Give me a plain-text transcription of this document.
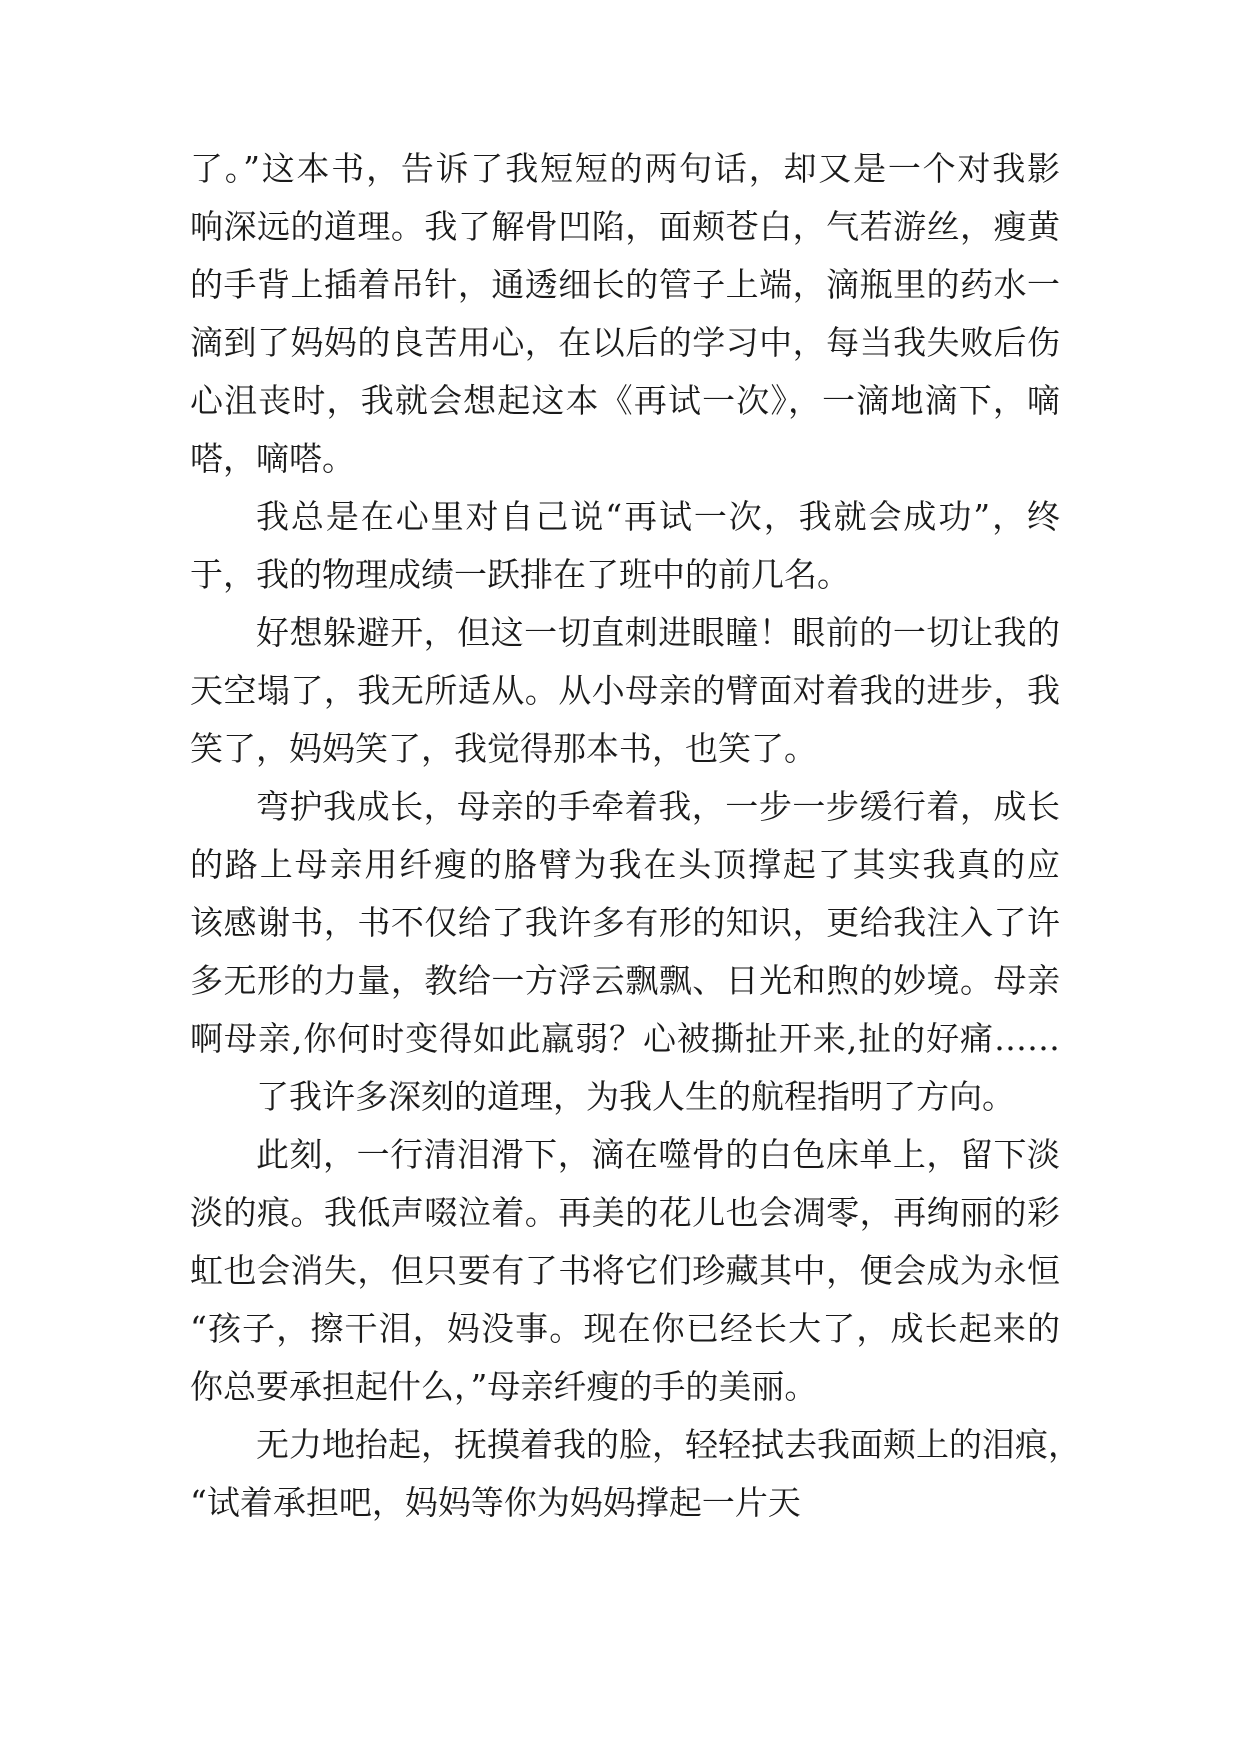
了。”这本书，告诉了我短短的两句话，却又是一个对我影
响深远的道理。我了解骨凹陷，面颊苍白，气若游丝，瘦黄
的手背上插着吊针，通透细长的管子上端，滴瓶里的药水一
滴到了妈妈的良苦用心，在以后的学习中，每当我失败后伤
心沮丧时，我就会想起这本《再试一次》，一滴地滴下，嘀
嗒，嘀嗒。
我总是在心里对自己说“再试一次，我就会成功”，终
于，我的物理成绩一跃排在了班中的前几名。
好想躲避开，但这一切直刺进眼瞳！眼前的一切让我的
天空塌了，我无所适从。从小母亲的臂面对着我的进步，我
笑了，妈妈笑了，我觉得那本书，也笑了。
弯护我成长，母亲的手牵着我，一步一步缓行着，成长
的路上母亲用纤瘦的胳臂为我在头顶撑起了其实我真的应
该感谢书，书不仅给了我许多有形的知识，更给我注入了许
多无形的力量，教给一方浮云飘飘、日光和煦的妙境。母亲
啊母亲,你何时变得如此羸弱？心被撕扯开来,扯的好痛……
了我许多深刻的道理，为我人生的航程指明了方向。
此刻，一行清泪滑下，滴在噬骨的白色床单上，留下淡
淡的痕。我低声啜泣着。再美的花儿也会凋零，再绚丽的彩
虹也会消失，但只要有了书将它们珍藏其中，便会成为永恒
“孩子，擦干泪，妈没事。现在你已经长大了，成长起来的
你总要承担起什么，”母亲纤瘦的手的美丽。
无力地抬起，抚摸着我的脸，轻轻拭去我面颊上的泪痕，
“试着承担吧，妈妈等你为妈妈撑起一片天
